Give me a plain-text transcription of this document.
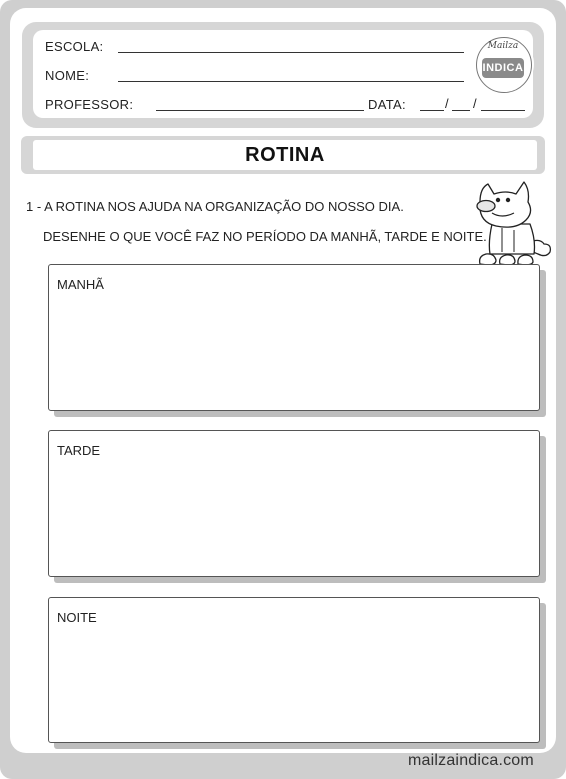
ESCOLA:
NOME:
PROFESSOR:	DATA:	/ /
Mailza
INDICA
ROTINA
1 - A ROTINA NOS AJUDA NA ORGANIZAÇÃO DO NOSSO DIA.
DESENHE O QUE VOCÊ FAZ NO PERÍODO DA MANHÃ, TARDE E NOITE.
MANHÃ
TARDE
NOITE
mailzaindica.com
